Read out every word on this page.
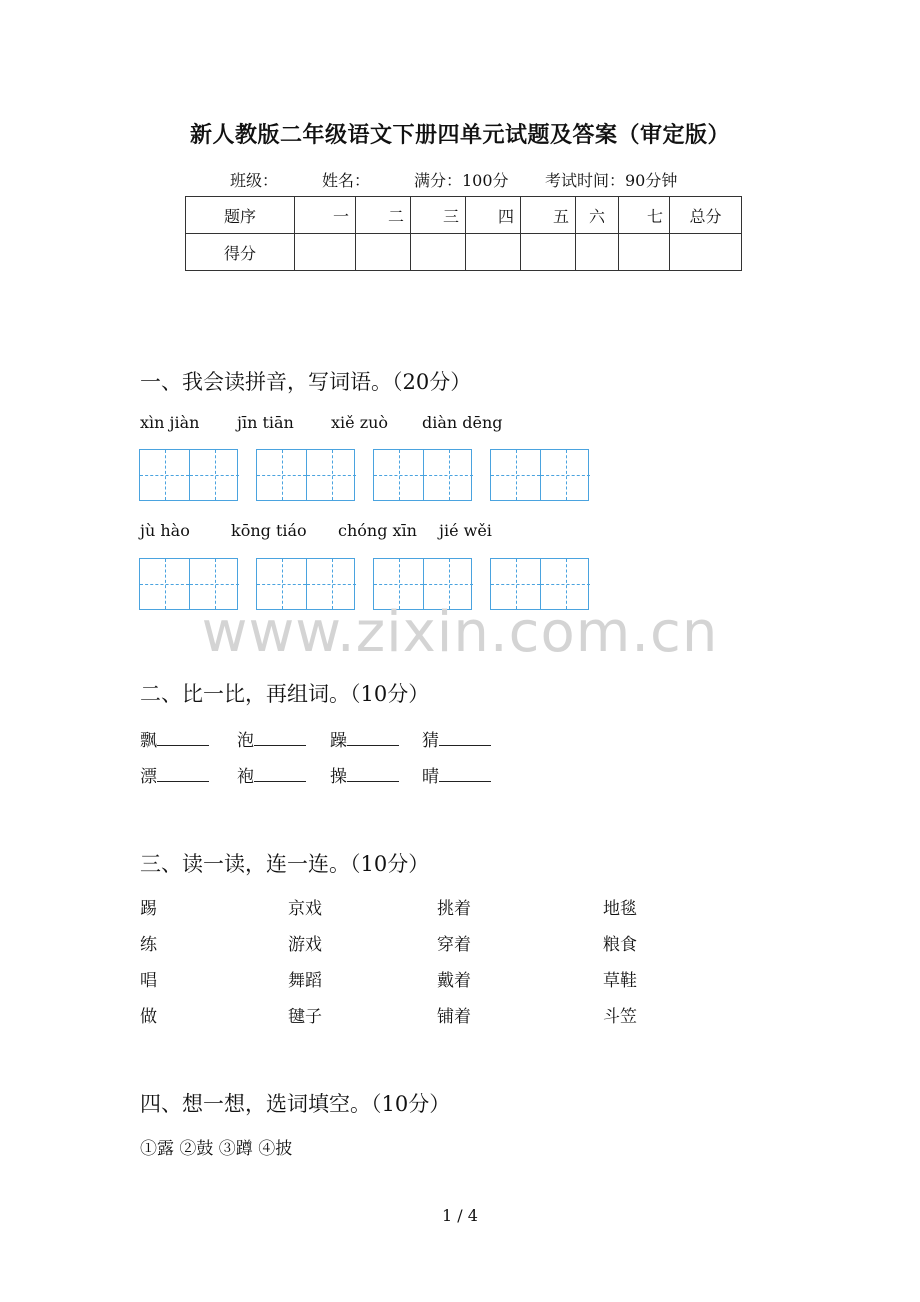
新人教版二年级语文下册四单元试题及答案（审定版）
班级：	姓名：	满分：100分 考试时间：90分钟
题序	一	二	三	四	五	六	七	总分
得分								
一、我会读拼音，写词语。（20分）
xìn jiàn jīn tiān xiě zuò diàn dēng
jù hào	kōng tiáo chóng xīn jié wěi
www.zixin.com.cn
二、比一比，再组词。（10分）
飘	泡	躁	猜
漂	袍	操	晴
三、读一读，连一连。（10分）
踢	京戏	挑着	地毯
练	游戏	穿着	粮食
唱	舞蹈	戴着	草鞋
做	毽子	铺着	斗笠
四、想一想，选词填空。（10分）
①露 ②鼓 ③蹲 ④披
1 / 4
